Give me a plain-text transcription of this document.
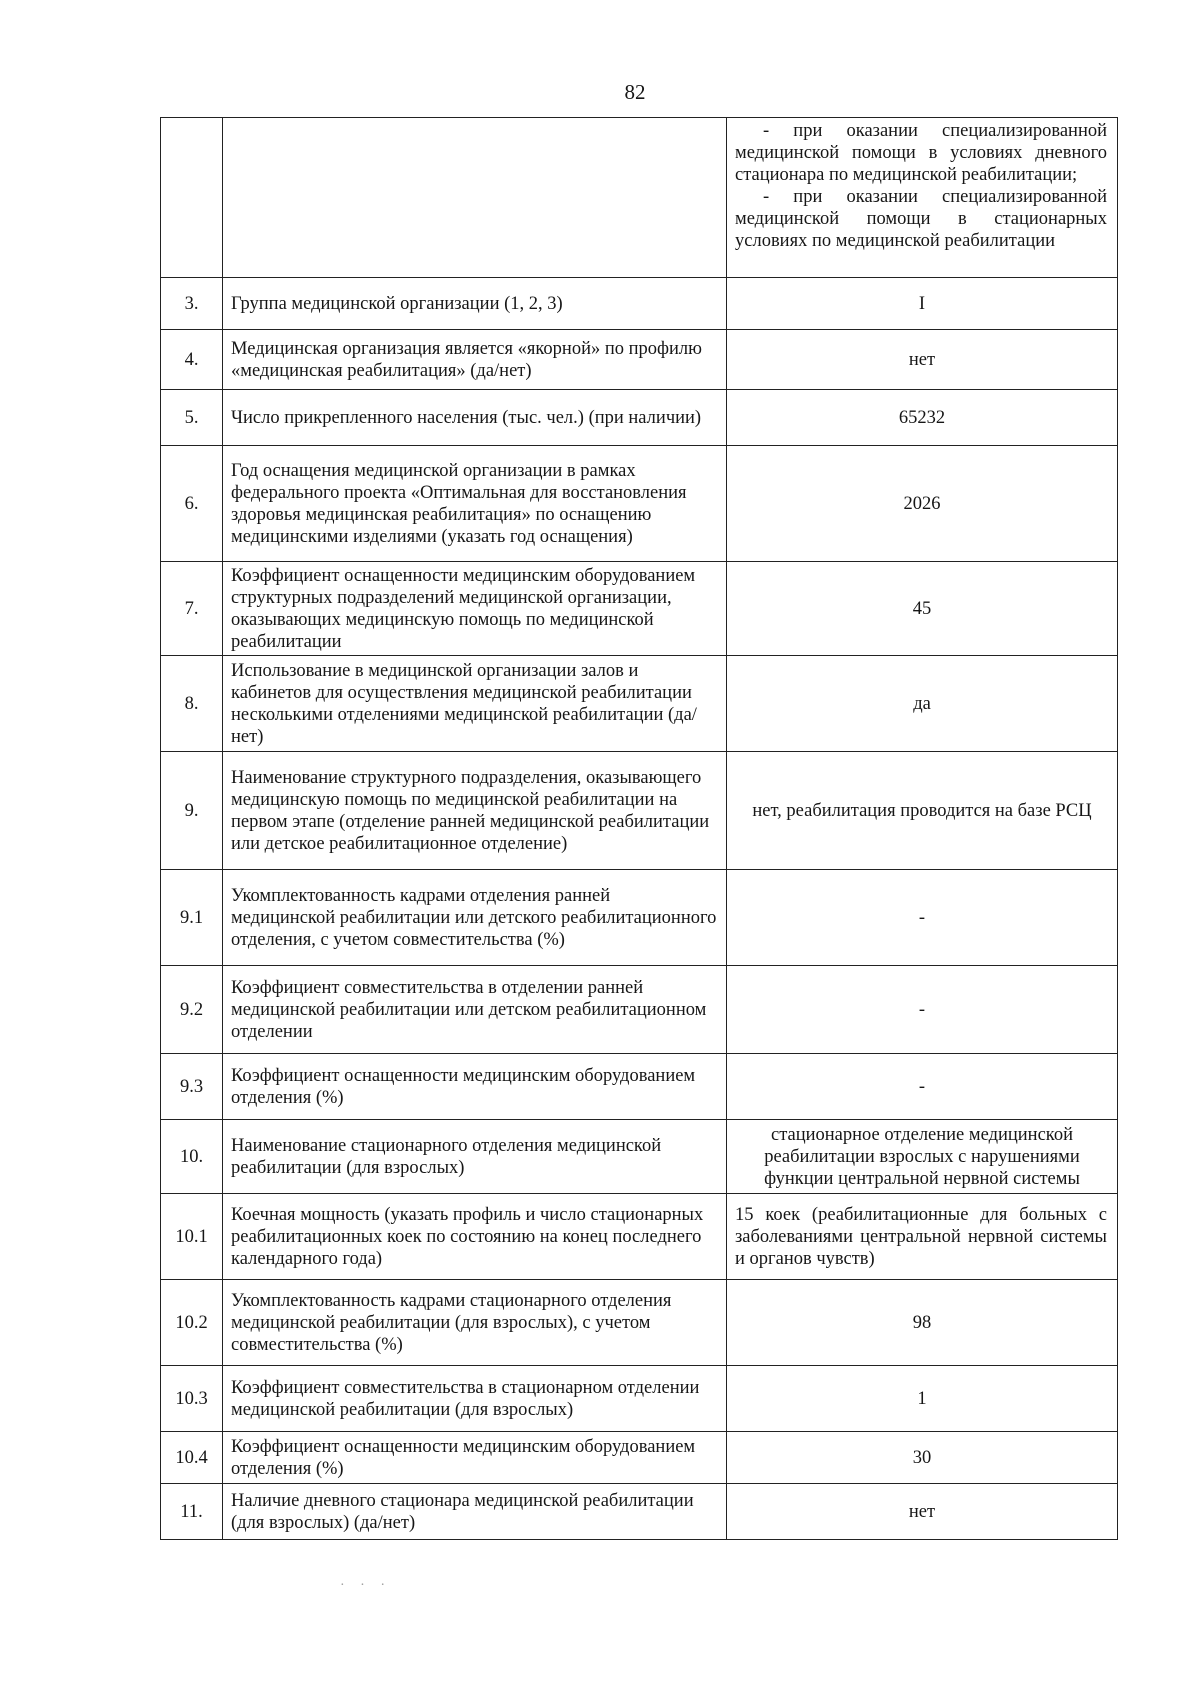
82

		- при оказании специализированной медицинской помощи в условиях дневного стационара по медицинской реабилитации;

- при оказании специализированной медицинской помощи в стационарных условиях по медицинской реабилитации

3.	Группа медицинской организации (1, 2, 3)	I
4.	Медицинская организация является «якорной» по профилю «медицинская реабилитация» (да/нет)	нет
5.	Число прикрепленного населения (тыс. чел.) (при наличии)	65232
6.	Год оснащения медицинской организации в рамках федерального проекта «Оптимальная для восстановления здоровья медицинская реабилитация» по оснащению медицинскими изделиями (указать год оснащения)	2026
7.	Коэффициент оснащенности медицинским оборудованием структурных подразделений медицинской организации, оказывающих медицинскую помощь по медицинской реабилитации	45
8.	Использование в медицинской организации залов и кабинетов для осуществления медицинской реабилитации несколькими отделениями медицинской реабилитации (да/нет)	да
9.	Наименование структурного подразделения, оказывающего медицинскую помощь по медицинской реабилитации на первом этапе (отделение ранней медицинской реабилитации или детское реабилитационное отделение)	нет, реабилитация проводится на базе РСЦ
9.1	Укомплектованность кадрами отделения ранней медицинской реабилитации или детского реабилитационного отделения, с учетом совместительства (%)	-
9.2	Коэффициент совместительства в отделении ранней медицинской реабилитации или детском реабилитационном отделении	-
9.3	Коэффициент оснащенности медицинским оборудованием отделения (%)	-
10.	Наименование стационарного отделения медицинской реабилитации (для взрослых)	стационарное отделение медицинской реабилитации взрослых с нарушениями функции центральной нервной системы
10.1	Коечная мощность (указать профиль и число стационарных реабилитационных коек по состоянию на конец последнего календарного года)	15 коек (реабилитационные для больных с заболеваниями центральной нервной системы и органов чувств)
10.2	Укомплектованность кадрами стационарного отделения медицинской реабилитации (для взрослых), с учетом совместительства (%)	98
10.3	Коэффициент совместительства в стационарном отделении медицинской реабилитации (для взрослых)	1
10.4	Коэффициент оснащенности медицинским оборудованием отделения (%)	30
11.	Наличие дневного стационара медицинской реабилитации (для взрослых) (да/нет)	нет
· · ·
